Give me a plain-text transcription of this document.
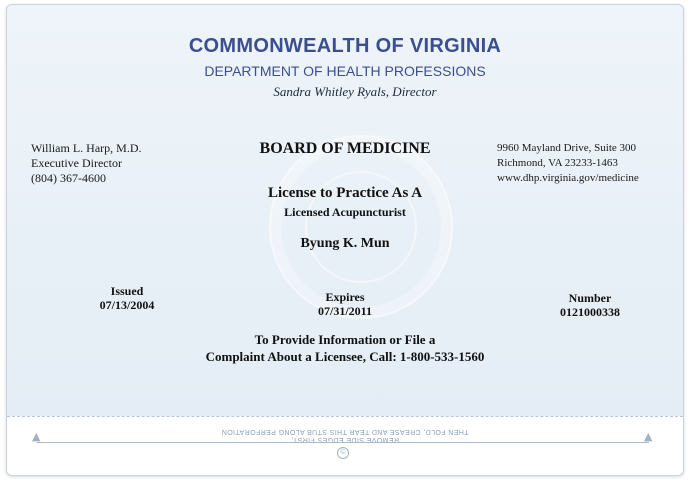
COMMONWEALTH OF VIRGINIA
DEPARTMENT OF HEALTH PROFESSIONS
Sandra Whitley Ryals, Director
William L. Harp, M.D.
Executive Director
(804) 367-4600
9960 Mayland Drive, Suite 300
Richmond, VA 23233-1463
www.dhp.virginia.gov/medicine
BOARD OF MEDICINE
License to Practice As A
Licensed Acupuncturist
Byung K. Mun
Issued
07/13/2004
Expires
07/31/2011
Number
0121000338
To Provide Information or File a
Complaint About a Licensee, Call: 1-800-533-1560
THEN FOLD, CREASE AND TEAR THIS STUB ALONG PERFORATION
REMOVE SIDE EDGES FIRST,
▲	▲
©
